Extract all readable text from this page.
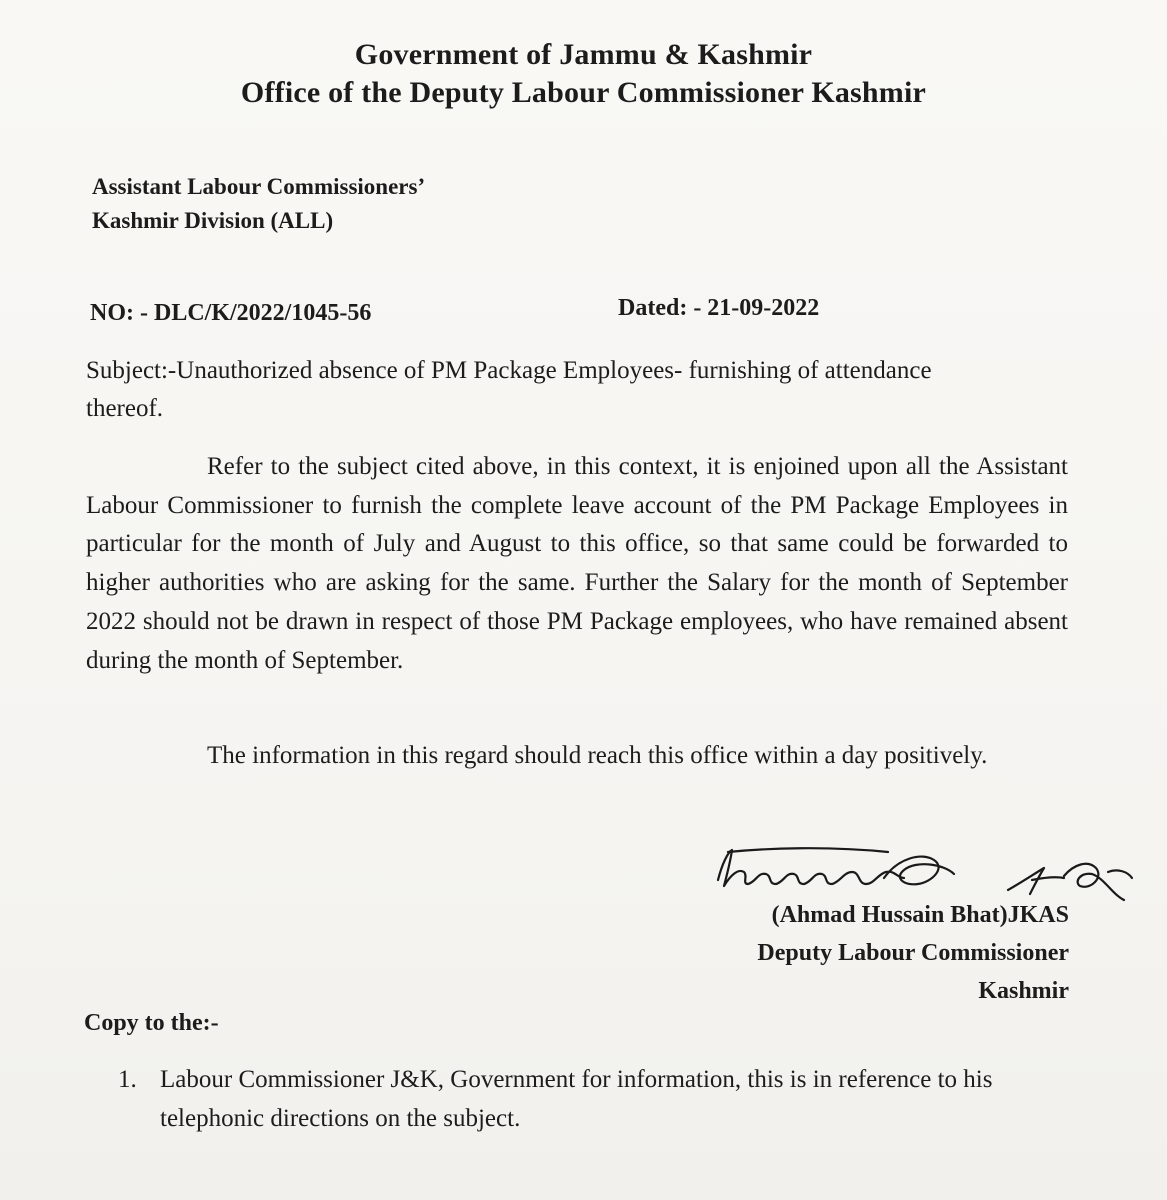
Government of Jammu & Kashmir
Office of the Deputy Labour Commissioner Kashmir
Assistant Labour Commissioners’
Kashmir Division (ALL)
NO: - DLC/K/2022/1045-56	Dated: - 21-09-2022
Subject:-Unauthorized absence of PM Package Employees- furnishing of attendance thereof.
Refer to the subject cited above, in this context, it is enjoined upon all the Assistant Labour Commissioner to furnish the complete leave account of the PM Package Employees in particular for the month of July and August to this office, so that same could be forwarded to higher authorities who are asking for the same. Further the Salary for the month of September 2022 should not be drawn in respect of those PM Package employees, who have remained absent during the month of September.
The information in this regard should reach this office within a day positively.
(Ahmad Hussain Bhat)JKAS
Deputy Labour Commissioner
Kashmir
Copy to the:-
1. Labour Commissioner J&K, Government for information, this is in reference to his telephonic directions on the subject.
